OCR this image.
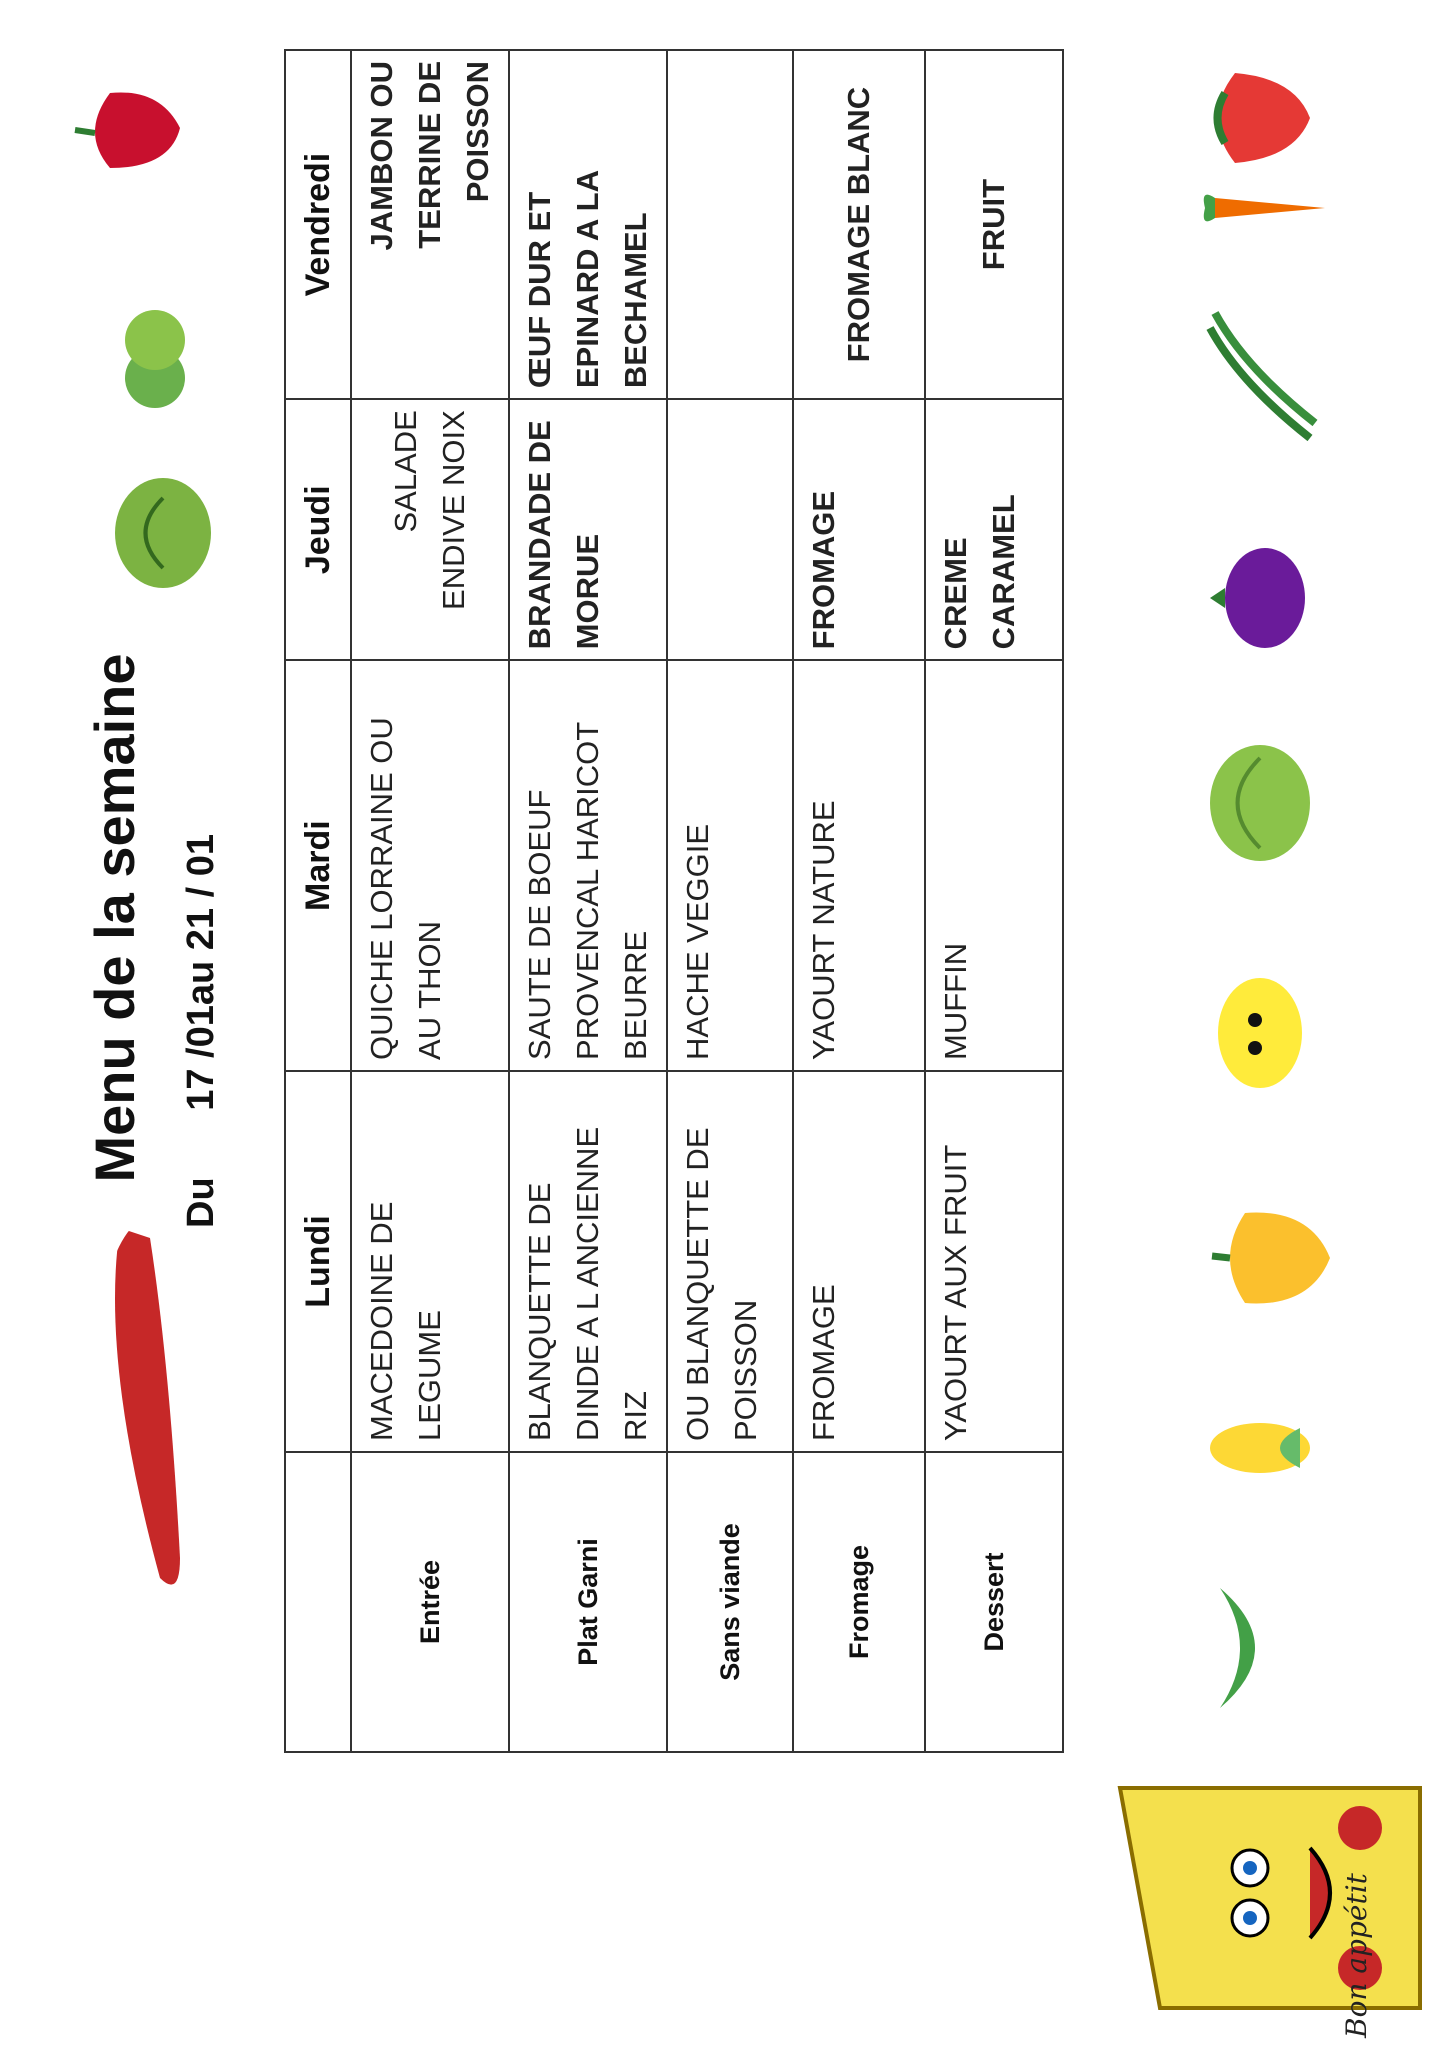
Menu de la semaine
Du 17 /01au 21 / 01
	Lundi	Mardi	Jeudi	Vendredi
Entrée	MACEDOINE DE LEGUME	QUICHE LORRAINE OU AU THON	SALADE ENDIVE NOIX	JAMBON OU TERRINE DE POISSON
Plat Garni	BLANQUETTE DE DINDE A L ANCIENNE RIZ	SAUTE DE BOEUF PROVENCAL HARICOT BEURRE	BRANDADE DE MORUE	ŒUF DUR ET EPINARD A LA BECHAMEL
Sans viande	OU BLANQUETTE DE POISSON	HACHE VEGGIE		
Fromage	FROMAGE	YAOURT NATURE	FROMAGE	FROMAGE BLANC
Dessert	YAOURT AUX FRUIT	MUFFIN	CREME CARAMEL	FRUIT
Bon appétit
